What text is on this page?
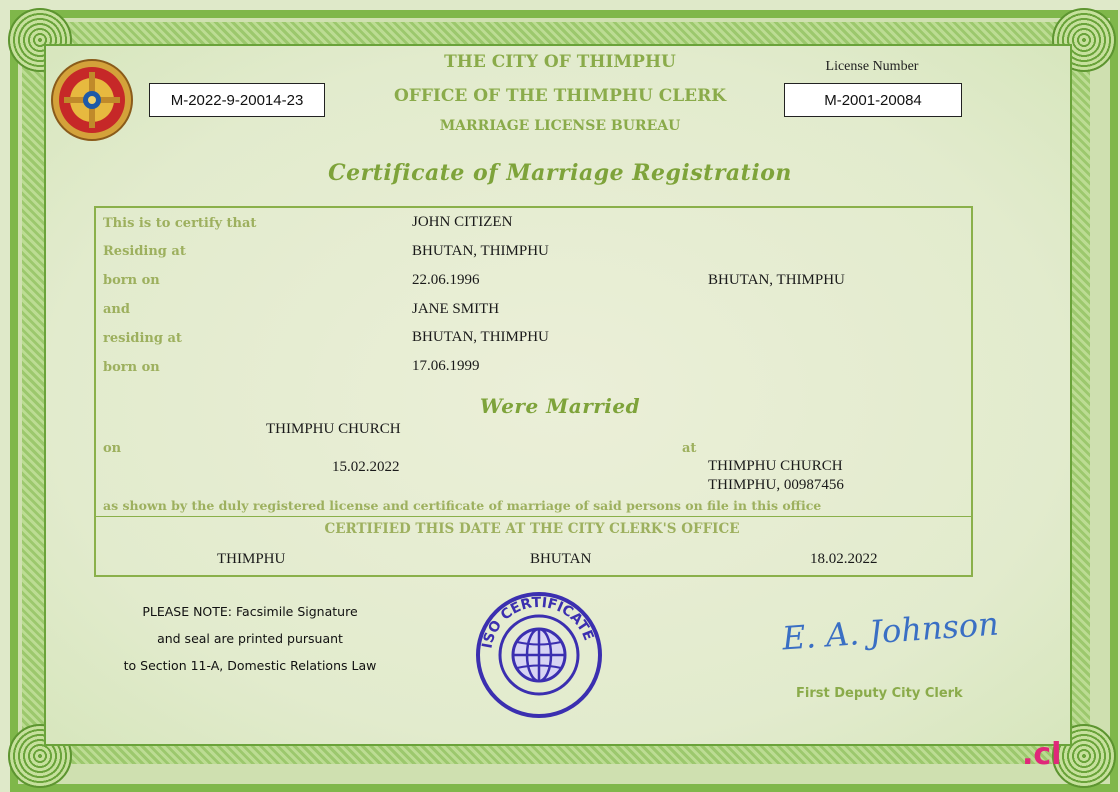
THE CITY OF THIMPHU
OFFICE OF THE THIMPHU CLERK
MARRIAGE LICENSE BUREAU
M-2022-9-20014-23
License Number
M-2001-20084
Certificate of Marriage Registration
This is to certify that	JOHN CITIZEN
Residing at	BHUTAN, THIMPHU
born on	22.06.1996	BHUTAN, THIMPHU
and	JANE SMITH
residing at	BHUTAN, THIMPHU
born on	17.06.1999
Were Married
THIMPHU CHURCH
on	at
15.02.2022	THIMPHU CHURCH
THIMPHU, 00987456
as shown by the duly registered license and certificate of marriage of said persons on file in this office
CERTIFIED THIS DATE AT THE CITY CLERK'S OFFICE
THIMPHU	BHUTAN	18.02.2022
PLEASE NOTE: Facsimile Signature
and seal are printed pursuant
to Section 11-A, Domestic Relations Law
ISO CERTIFICATE	E. A. Johnson
First Deputy City Clerk
.cl
